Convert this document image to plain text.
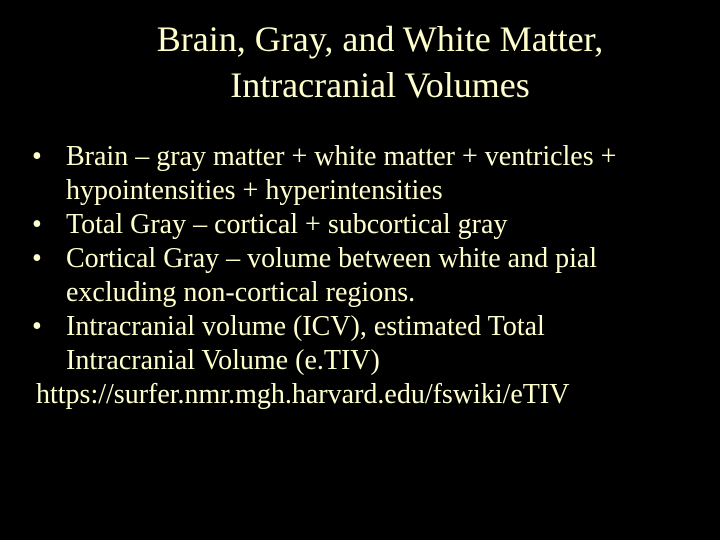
Brain, Gray, and White Matter,
Intracranial Volumes
• Brain – gray matter + white matter + ventricles +
hypointensities + hyperintensities
• Total Gray – cortical + subcortical gray
• Cortical Gray – volume between white and pial
excluding non-cortical regions.
• Intracranial volume (ICV), estimated Total
Intracranial Volume (e.TIV)
https://surfer.nmr.mgh.harvard.edu/fswiki/eTIV
